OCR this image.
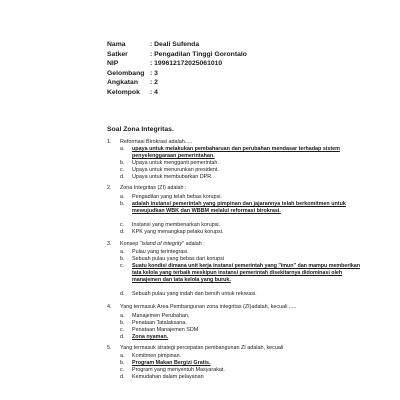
Nama	: Deali Sufenda
Satker	: Pengadilan Tinggi Gorontalo
NIP	: 199612172025061010
Gelombang : 3
Angkatan : 2
Kelompok : 4
Soal Zona Integritas.
1. Reformasi Birokrasi adalah.....
a. upaya untuk melakukan pembaharuan dan perubahan mendasar terhadap sistem penyelenggaraan pemerintahan.
b. Upaya untuk mengganti pemerintah.
c. Upaya untuk menurunkan president.
d. Upaya untuk membubarkan DPR.
2. Zona Integritas (ZI) adalah :
a. Pengadilan yang telah bebas korupsi.
b. adalah instansi pemerintah yang pimpinan dan jajarannya telah berkomitmen untuk mewujudkan WBK dan WBBM melalui reformasi birokrasi.
c. Instansi yang membenarkan korupsi.
d. KPK yang menangkap pelaku korupsi.
3. Konsep "island of integrity" adalah :
a. Pulau yang terintegrasi.
b. Sebuah pulau yang bebas dari korupsi
c. Suatu kondisi dimana unit kerja instansi pemerintah yang "imun" dan mampu memberikan tata kelola yang terbaik meskipun instansi pemerintah disekitarnya didominasi oleh manajemen dan tata kelola yang buruk.
d. Sebuah pulau yang indah dan bersih untuk rekreasi.
4. Yang termasuk Area Pembangunan zona integritas (ZI)adalah, kecuali .....
a. Manajemen Perubahan,
b. Penataan Tatalaksana,
c. Penataan Manajemen SDM
d. Zona nyaman.
5. Yang termasuk strategi percepatan pembangunan ZI adalah, kecuali
a. Komitmen pimpinan.
b. Program Makan Bergizi Gratis.
c. Program yang menyentuh Masyarakat.
d. Kemudahan dalam pelayanan
